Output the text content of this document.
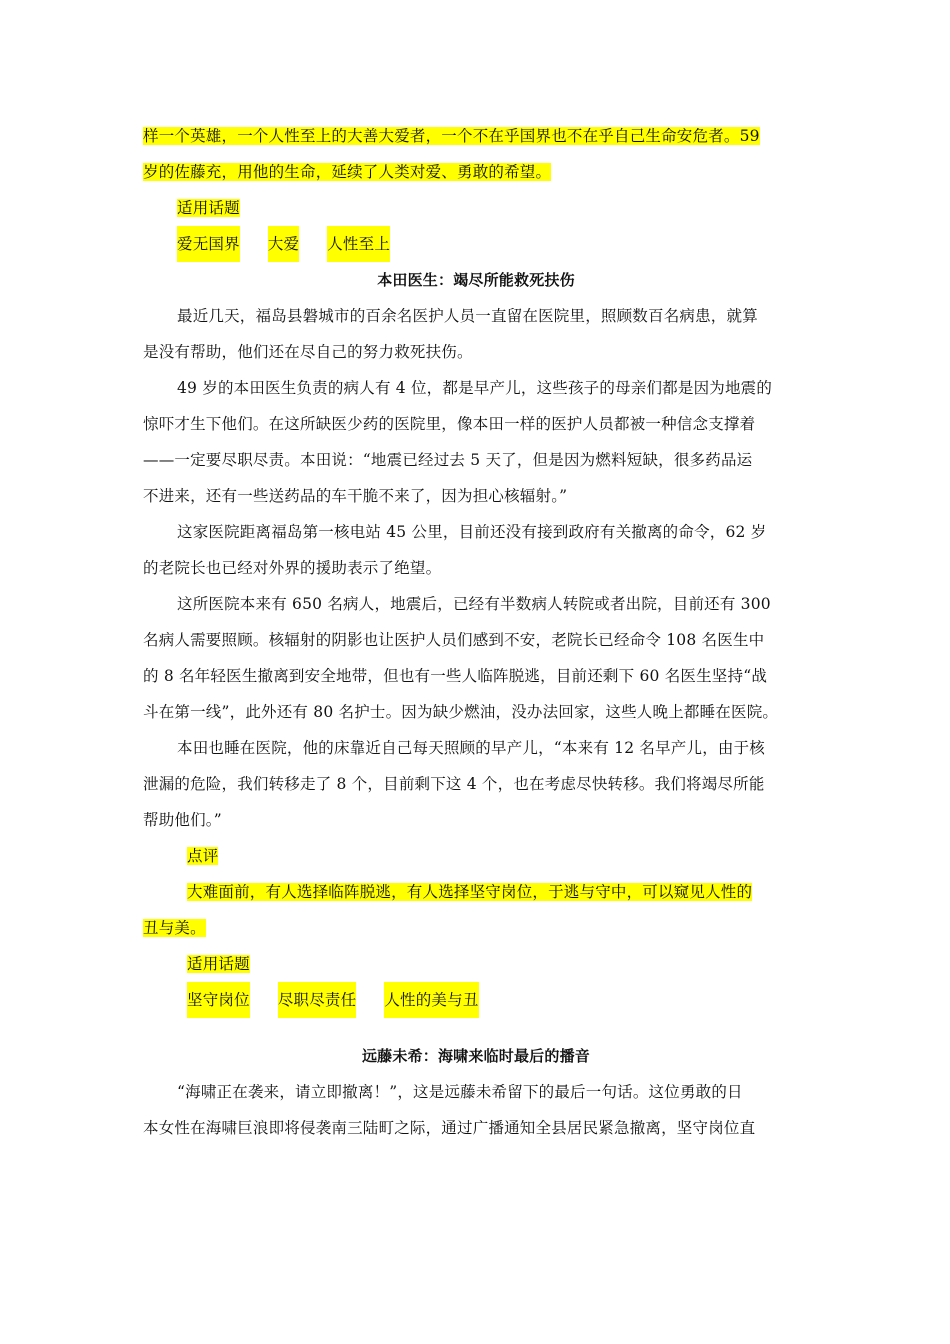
样一个英雄，一个人性至上的大善大爱者，一个不在乎国界也不在乎自己生命安危者。59
岁的佐藤充，用他的生命，延续了人类对爱、勇敢的希望。
适用话题
爱无国界 大爱 人性至上
本田医生：竭尽所能救死扶伤
最近几天，福岛县磐城市的百余名医护人员一直留在医院里，照顾数百名病患，就算
是没有帮助，他们还在尽自己的努力救死扶伤。
49 岁的本田医生负责的病人有 4 位，都是早产儿，这些孩子的母亲们都是因为地震的
惊吓才生下他们。在这所缺医少药的医院里，像本田一样的医护人员都被一种信念支撑着
——一定要尽职尽责。本田说：“地震已经过去 5 天了，但是因为燃料短缺，很多药品运
不进来，还有一些送药品的车干脆不来了，因为担心核辐射。”
这家医院距离福岛第一核电站 45 公里，目前还没有接到政府有关撤离的命令，62 岁
的老院长也已经对外界的援助表示了绝望。
这所医院本来有 650 名病人，地震后，已经有半数病人转院或者出院，目前还有 300
名病人需要照顾。核辐射的阴影也让医护人员们感到不安，老院长已经命令 108 名医生中
的 8 名年轻医生撤离到安全地带，但也有一些人临阵脱逃，目前还剩下 60 名医生坚持“战
斗在第一线”，此外还有 80 名护士。因为缺少燃油，没办法回家，这些人晚上都睡在医院。
本田也睡在医院，他的床靠近自己每天照顾的早产儿，“本来有 12 名早产儿，由于核
泄漏的危险，我们转移走了 8 个，目前剩下这 4 个，也在考虑尽快转移。我们将竭尽所能
帮助他们。”
点评
大难面前，有人选择临阵脱逃，有人选择坚守岗位，于逃与守中，可以窥见人性的
丑与美。
适用话题
坚守岗位 尽职尽责任 人性的美与丑
远藤未希：海啸来临时最后的播音
“海啸正在袭来，请立即撤离！”，这是远藤未希留下的最后一句话。这位勇敢的日
本女性在海啸巨浪即将侵袭南三陆町之际，通过广播通知全县居民紧急撤离，坚守岗位直
